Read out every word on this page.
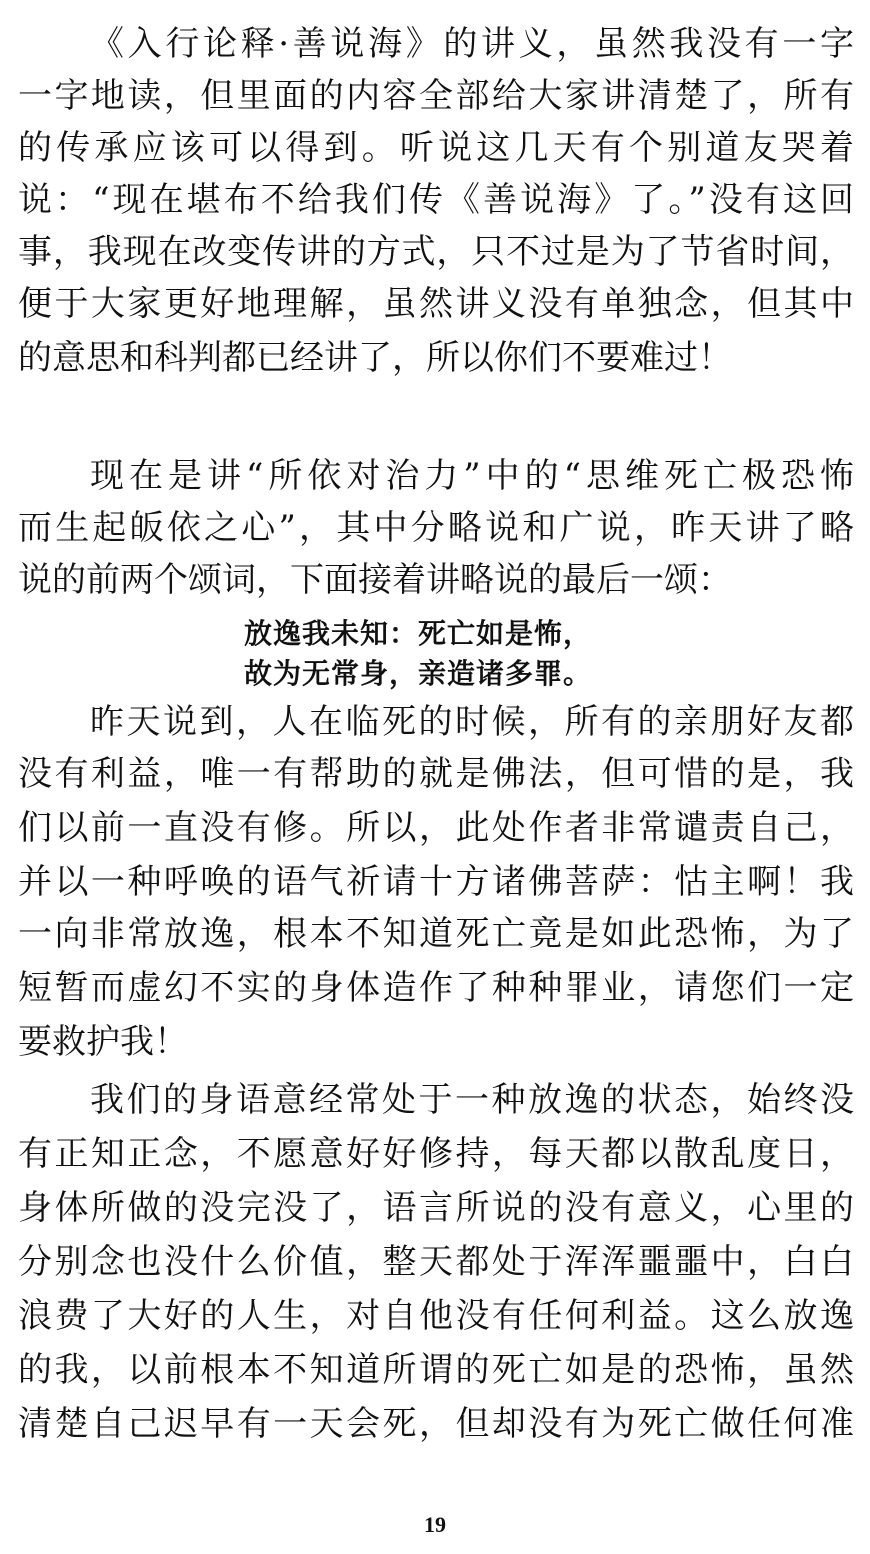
《入行论释·善说海》的讲义，虽然我没有一字
一字地读，但里面的内容全部给大家讲清楚了，所有
的传承应该可以得到。听说这几天有个别道友哭着
说：“现在堪布不给我们传《善说海》了。”没有这回
事，我现在改变传讲的方式，只不过是为了节省时间，
便于大家更好地理解，虽然讲义没有单独念，但其中
的意思和科判都已经讲了，所以你们不要难过！
现在是讲“所依对治力”中的“思维死亡极恐怖
而生起皈依之心”，其中分略说和广说，昨天讲了略
说的前两个颂词，下面接着讲略说的最后一颂：
放逸我未知：死亡如是怖，
故为无常身，亲造诸多罪。
昨天说到，人在临死的时候，所有的亲朋好友都
没有利益，唯一有帮助的就是佛法，但可惜的是，我
们以前一直没有修。所以，此处作者非常谴责自己，
并以一种呼唤的语气祈请十方诸佛菩萨：怙主啊！我
一向非常放逸，根本不知道死亡竟是如此恐怖，为了
短暂而虚幻不实的身体造作了种种罪业，请您们一定
要救护我！
我们的身语意经常处于一种放逸的状态，始终没
有正知正念，不愿意好好修持，每天都以散乱度日，
身体所做的没完没了，语言所说的没有意义，心里的
分别念也没什么价值，整天都处于浑浑噩噩中，白白
浪费了大好的人生，对自他没有任何利益。这么放逸
的我，以前根本不知道所谓的死亡如是的恐怖，虽然
清楚自己迟早有一天会死，但却没有为死亡做任何准
19
